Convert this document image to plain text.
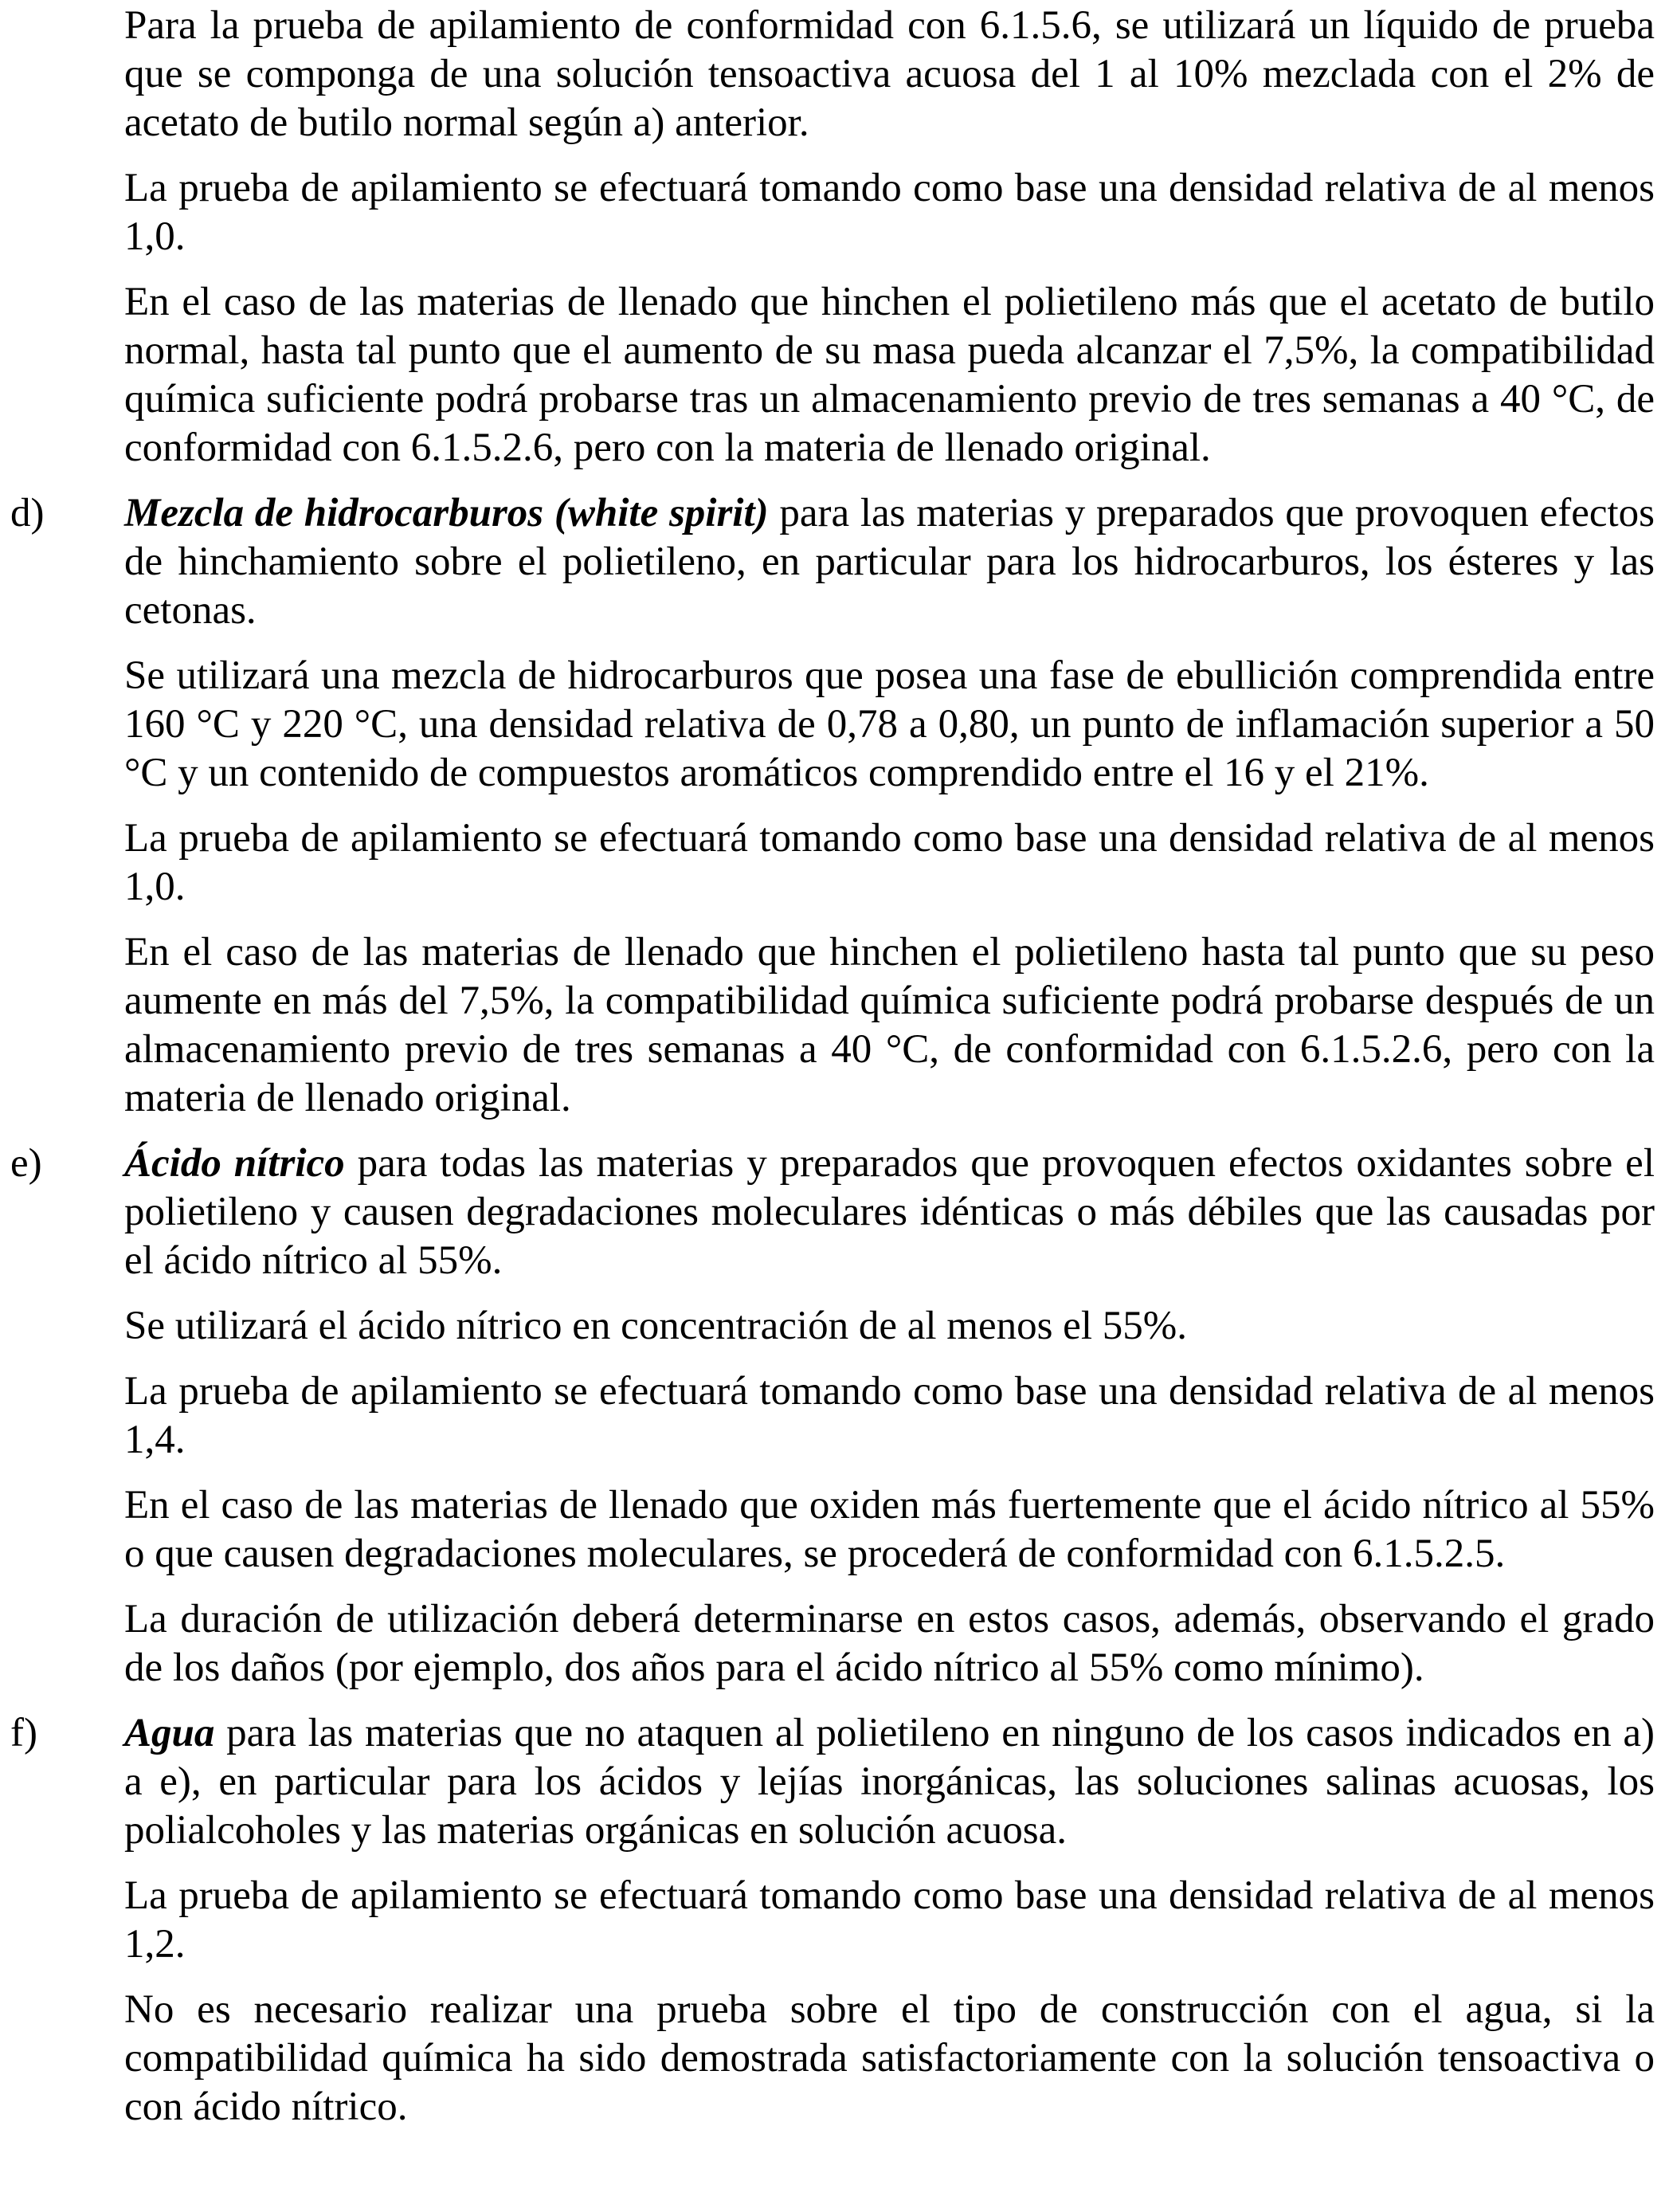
Para la prueba de apilamiento de conformidad con 6.1.5.6, se utilizará un líquido de prueba que se componga de una solución tensoactiva acuosa del 1 al 10% mezclada con el 2% de acetato de butilo normal según a) anterior.

La prueba de apilamiento se efectuará tomando como base una densidad relativa de al menos 1,0.

En el caso de las materias de llenado que hinchen el polietileno más que el acetato de butilo normal, hasta tal punto que el aumento de su masa pueda alcanzar el 7,5%, la compatibilidad química suficiente podrá probarse tras un almacenamiento previo de tres semanas a 40 °C, de conformidad con 6.1.5.2.6, pero con la materia de llenado original.

d) Mezcla de hidrocarburos (white spirit) para las materias y preparados que provoquen efectos de hinchamiento sobre el polietileno, en particular para los hidrocarburos, los ésteres y las cetonas.

Se utilizará una mezcla de hidrocarburos que posea una fase de ebullición comprendida entre 160 °C y 220 °C, una densidad relativa de 0,78 a 0,80, un punto de inflamación superior a 50 °C y un contenido de compuestos aromáticos comprendido entre el 16 y el 21%.

La prueba de apilamiento se efectuará tomando como base una densidad relativa de al menos 1,0.

En el caso de las materias de llenado que hinchen el polietileno hasta tal punto que su peso aumente en más del 7,5%, la compatibilidad química suficiente podrá probarse después de un almacenamiento previo de tres semanas a 40 °C, de conformidad con 6.1.5.2.6, pero con la materia de llenado original.

e) Ácido nítrico para todas las materias y preparados que provoquen efectos oxidantes sobre el polietileno y causen degradaciones moleculares idénticas o más débiles que las causadas por el ácido nítrico al 55%.

Se utilizará el ácido nítrico en concentración de al menos el 55%.

La prueba de apilamiento se efectuará tomando como base una densidad relativa de al menos 1,4.

En el caso de las materias de llenado que oxiden más fuertemente que el ácido nítrico al 55% o que causen degradaciones moleculares, se procederá de conformidad con 6.1.5.2.5.

La duración de utilización deberá determinarse en estos casos, además, observando el grado de los daños (por ejemplo, dos años para el ácido nítrico al 55% como mínimo).

f) Agua para las materias que no ataquen al polietileno en ninguno de los casos indicados en a) a e), en particular para los ácidos y lejías inorgánicas, las soluciones salinas acuosas, los polialcoholes y las materias orgánicas en solución acuosa.

La prueba de apilamiento se efectuará tomando como base una densidad relativa de al menos 1,2.

No es necesario realizar una prueba sobre el tipo de construcción con el agua, si la compatibilidad química ha sido demostrada satisfactoriamente con la solución tensoactiva o con ácido nítrico.
